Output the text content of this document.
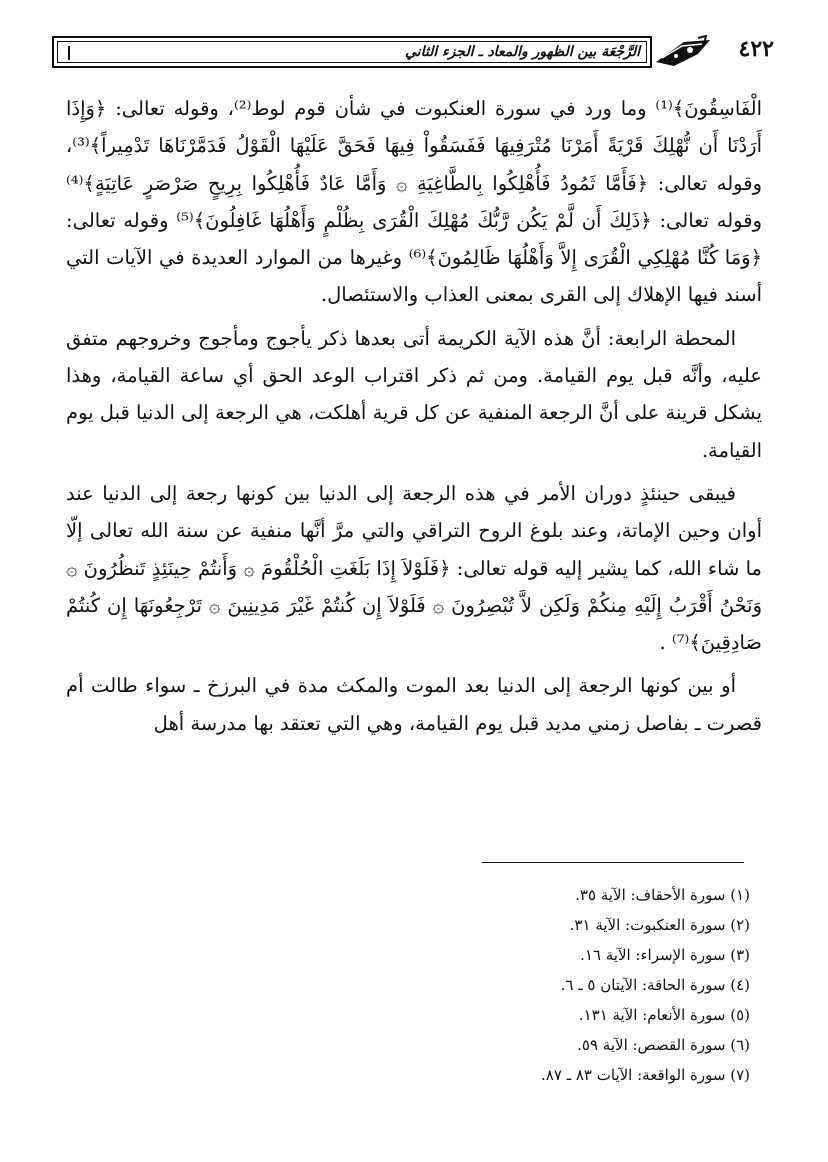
الرَّجْعَة بين الظهور والمعاد ـ الجزء الثاني	٤٢٢

الْفَاسِقُونَ﴾⁽¹⁾ وما ورد في سورة العنكبوت في شأن قوم لوط⁽²⁾، وقوله تعالى: ﴿وَإِذَا أَرَدْنَا أَن نُّهْلِكَ قَرْيَةً أَمَرْنَا مُتْرَفِيهَا فَفَسَقُواْ فِيهَا فَحَقَّ عَلَيْهَا الْقَوْلُ فَدَمَّرْنَاهَا تَدْمِيراً﴾⁽³⁾، وقوله تعالى: ﴿فَأَمَّا ثَمُودُ فَأُهْلِكُوا بِالطَّاغِيَةِ ۞ وَأَمَّا عَادٌ فَأُهْلِكُوا بِرِيحٍ صَرْصَرٍ عَاتِيَةٍ﴾⁽⁴⁾ وقوله تعالى: ﴿ذَلِكَ أَن لَّمْ يَكُن رَّبُّكَ مُهْلِكَ الْقُرَى بِظُلْمٍ وَأَهْلُهَا غَافِلُونَ﴾⁽⁵⁾ وقوله تعالى: ﴿وَمَا كُنَّا مُهْلِكِي الْقُرَى إِلاَّ وَأَهْلُهَا ظَالِمُونَ﴾⁽⁶⁾ وغيرها من الموارد العديدة في الآيات التي أسند فيها الإهلاك إلى القرى بمعنى العذاب والاستئصال.

المحطة الرابعة: أنَّ هذه الآية الكريمة أتى بعدها ذكر يأجوج ومأجوج وخروجهم متفق عليه، وأنَّه قبل يوم القيامة. ومن ثم ذكر اقتراب الوعد الحق أي ساعة القيامة، وهذا يشكل قرينة على أنَّ الرجعة المنفية عن كل قرية أهلكت، هي الرجعة إلى الدنيا قبل يوم القيامة.

فيبقى حينئذٍ دوران الأمر في هذه الرجعة إلى الدنيا بين كونها رجعة إلى الدنيا عند أوان وحين الإماتة، وعند بلوغ الروح التراقي والتي مرَّ أنَّها منفية عن سنة الله تعالى إلّا ما شاء الله، كما يشير إليه قوله تعالى: ﴿فَلَوْلاَ إِذَا بَلَغَتِ الْحُلْقُومَ ۞ وَأَنتُمْ حِينَئِذٍ تَنظُرُونَ ۞ وَنَحْنُ أَقْرَبُ إِلَيْهِ مِنكُمْ وَلَكِن لاَّ تُبْصِرُونَ ۞ فَلَوْلاَ إِن كُنتُمْ غَيْرَ مَدِينِينَ ۞ تَرْجِعُونَهَا إِن كُنتُمْ صَادِقِينَ﴾⁽⁷⁾ .

أو بين كونها الرجعة إلى الدنيا بعد الموت والمكث مدة في البرزخ ـ سواء طالت أم قصرت ـ بفاصل زمني مديد قبل يوم القيامة، وهي التي تعتقد بها مدرسة أهل

(١) سورة الأحقاف: الآية ٣٥.
(٢) سورة العنكبوت: الآية ٣١.
(٣) سورة الإسراء: الآية ١٦.
(٤) سورة الحاقة: الآيتان ٥ ـ ٦.
(٥) سورة الأنعام: الآية ١٣١.
(٦) سورة القصص: الآية ٥٩.
(٧) سورة الواقعة: الآيات ٨٣ ـ ٨٧.
